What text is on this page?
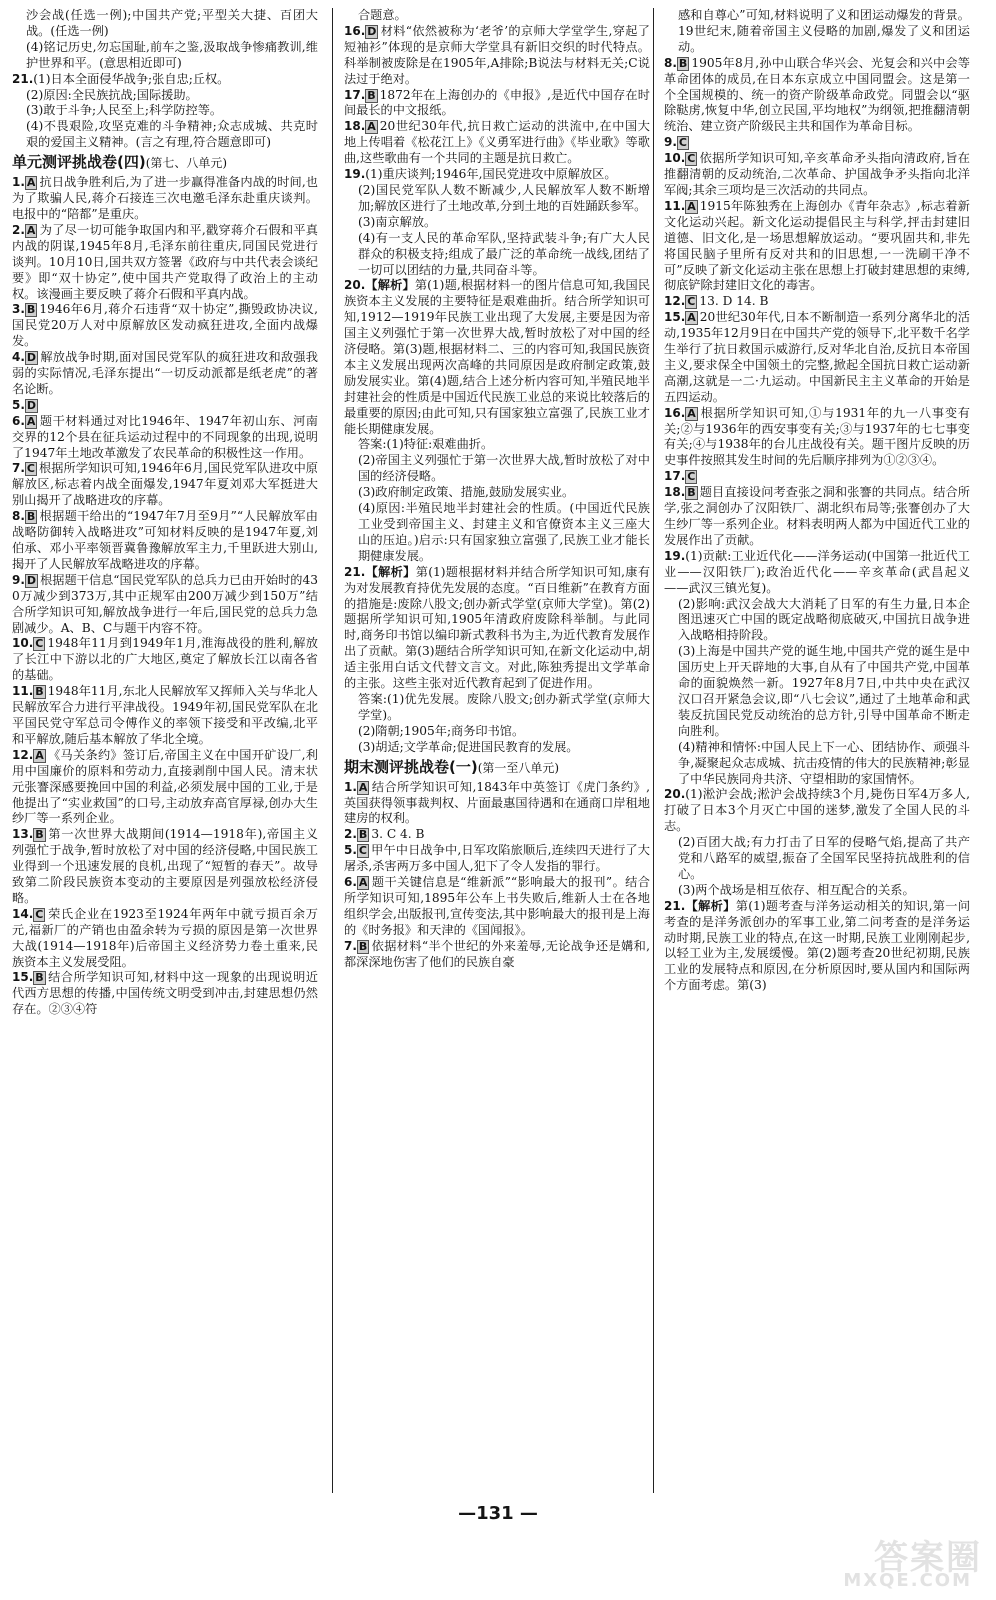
沙会战(任选一例);中国共产党;平型关大捷、百团大战。(任选一例)
(4)铭记历史,勿忘国耻,前车之鉴,汲取战争惨痛教训,维护世界和平。(意思相近即可)
21.(1)日本全面侵华战争;张自忠;丘权。
(2)原因:全民族抗战;国际援助。
(3)敢于斗争;人民至上;科学防控等。
(4)不畏艰险,攻坚克难的斗争精神;众志成城、共克时艰的爱国主义精神。(言之有理,符合题意即可)
单元测评挑战卷(四)(第七、八单元)
1. A 抗日战争胜利后,为了进一步赢得准备内战的时间,也为了欺骗人民,蒋介石接连三次电邀毛泽东赴重庆谈判。电报中的“陪都”是重庆。
2. A 为了尽一切可能争取国内和平,戳穿蒋介石假和平真内战的阴谋,1945年8月,毛泽东前往重庆,同国民党进行谈判。10月10日,国共双方签署《政府与中共代表会谈纪要》即“双十协定”,使中国共产党取得了政治上的主动权。该漫画主要反映了蒋介石假和平真内战。
3. B 1946年6月,蒋介石违背“双十协定”,撕毁政协决议,国民党20万人对中原解放区发动疯狂进攻,全面内战爆发。
4. D 解放战争时期,面对国民党军队的疯狂进攻和敌强我弱的实际情况,毛泽东提出“一切反动派都是纸老虎”的著名论断。
5. D
6. A 题干材料通过对比1946年、1947年初山东、河南交界的12个县在征兵运动过程中的不同现象的出现,说明了1947年土地改革激发了农民革命的积极性这一作用。
7. C 根据所学知识可知,1946年6月,国民党军队进攻中原解放区,标志着内战全面爆发,1947年夏刘邓大军挺进大别山揭开了战略进攻的序幕。
8. B 根据题干给出的“1947年7月至9月”“人民解放军由战略防御转入战略进攻”可知材料反映的是1947年夏,刘伯承、邓小平率领晋冀鲁豫解放军主力,千里跃进大别山,揭开了人民解放军战略进攻的序幕。
9. D 根据题干信息“国民党军队的总兵力已由开始时的430万减少到373万,其中正规军由200万减少到150万”结合所学知识可知,解放战争进行一年后,国民党的总兵力急剧减少。A、B、C与题干内容不符。
10. C 1948年11月到1949年1月,淮海战役的胜利,解放了长江中下游以北的广大地区,奠定了解放长江以南各省的基础。
11. B 1948年11月,东北人民解放军又挥师入关与华北人民解放军合力进行平津战役。1949年初,国民党军队在北平国民党守军总司令傅作义的率领下接受和平改编,北平和平解放,随后基本解放了华北全境。
12. A 《马关条约》签订后,帝国主义在中国开矿设厂,利用中国廉价的原料和劳动力,直接剥削中国人民。清末状元张謇深感要挽回中国的利益,必须发展中国的工业,于是他提出了“实业救国”的口号,主动放弃高官厚禄,创办大生纱厂等一系列企业。
13. B 第一次世界大战期间(1914—1918年),帝国主义列强忙于战争,暂时放松了对中国的经济侵略,中国民族工业得到一个迅速发展的良机,出现了“短暂的春天”。故导致第二阶段民族资本变动的主要原因是列强放松经济侵略。
14. C 荣氏企业在1923至1924年两年中就亏损百余万元,福新厂的产销也由盈余转为亏损的原因是第一次世界大战(1914—1918年)后帝国主义经济势力卷土重来,民族资本主义发展受阻。
15. B 结合所学知识可知,材料中这一现象的出现说明近代西方思想的传播,中国传统文明受到冲击,封建思想仍然存在。②③④符
合题意。
16. D 材料“依然被称为‘老爷’的京师大学堂学生,穿起了短袖衫”体现的是京师大学堂具有新旧交织的时代特点。科举制被废除是在1905年,A排除;B说法与材料无关;C说法过于绝对。
17. B 1872年在上海创办的《申报》,是近代中国存在时间最长的中文报纸。
18. A 20世纪30年代,抗日救亡运动的洪流中,在中国大地上传唱着《松花江上》《义勇军进行曲》《毕业歌》等歌曲,这些歌曲有一个共同的主题是抗日救亡。
19.(1)重庆谈判;1946年,国民党进攻中原解放区。
(2)国民党军队人数不断减少,人民解放军人数不断增加;解放区进行了土地改革,分到土地的百姓踊跃参军。
(3)南京解放。
(4)有一支人民的革命军队,坚持武装斗争;有广大人民群众的积极支持;组成了最广泛的革命统一战线,团结了一切可以团结的力量,共同奋斗等。
20.【解析】第(1)题,根据材料一的图片信息可知,我国民族资本主义发展的主要特征是艰难曲折。结合所学知识可知,1912—1919年民族工业出现了大发展,主要是因为帝国主义列强忙于第一次世界大战,暂时放松了对中国的经济侵略。第(3)题,根据材料二、三的内容可知,我国民族资本主义发展出现两次高峰的共同原因是政府制定政策,鼓励发展实业。第(4)题,结合上述分析内容可知,半殖民地半封建社会的性质是中国近代民族工业总的来说比较落后的最重要的原因;由此可知,只有国家独立富强了,民族工业才能长期健康发展。
答案:(1)特征:艰难曲折。
(2)帝国主义列强忙于第一次世界大战,暂时放松了对中国的经济侵略。
(3)政府制定政策、措施,鼓励发展实业。
(4)原因:半殖民地半封建社会的性质。(中国近代民族工业受到帝国主义、封建主义和官僚资本主义三座大山的压迫。)启示:只有国家独立富强了,民族工业才能长期健康发展。
21.【解析】第(1)题根据材料并结合所学知识可知,康有为对发展教育持优先发展的态度。“百日维新”在教育方面的措施是:废除八股文;创办新式学堂(京师大学堂)。第(2)题据所学知识可知,1905年清政府废除科举制。与此同时,商务印书馆以编印新式教科书为主,为近代教育发展作出了贡献。第(3)题结合所学知识可知,在新文化运动中,胡适主张用白话文代替文言文。对此,陈独秀提出文学革命的主张。这些主张对近代教育起到了促进作用。
答案:(1)优先发展。废除八股文;创办新式学堂(京师大学堂)。
(2)隋朝;1905年;商务印书馆。
(3)胡适;文学革命;促进国民教育的发展。
期末测评挑战卷(一)(第一至八单元)
1. A 结合所学知识可知,1843年中英签订《虎门条约》,英国获得领事裁判权、片面最惠国待遇和在通商口岸租地建房的权利。
2. B 3. C 4. B
5. C 甲午中日战争中,日军攻陷旅顺后,连续四天进行了大屠杀,杀害两万多中国人,犯下了令人发指的罪行。
6. A 题干关键信息是“维新派”“影响最大的报刊”。结合所学知识可知,1895年公车上书失败后,维新人士在各地组织学会,出版报刊,宣传变法,其中影响最大的报刊是上海的《时务报》和天津的《国闻报》。
7. B 依据材料“半个世纪的外来羞辱,无论战争还是媾和,都深深地伤害了他们的民族自豪
感和自尊心”可知,材料说明了义和团运动爆发的背景。19世纪末,随着帝国主义侵略的加剧,爆发了义和团运动。
8. B 1905年8月,孙中山联合华兴会、光复会和兴中会等革命团体的成员,在日本东京成立中国同盟会。这是第一个全国规模的、统一的资产阶级革命政党。同盟会以“驱除鞑虏,恢复中华,创立民国,平均地权”为纲领,把推翻清朝统治、建立资产阶级民主共和国作为革命目标。
9. C
10. C 依据所学知识可知,辛亥革命矛头指向清政府,旨在推翻清朝的反动统治,二次革命、护国战争矛头指向北洋军阀;其余三项均是三次活动的共同点。
11. A 1915年陈独秀在上海创办《青年杂志》,标志着新文化运动兴起。新文化运动提倡民主与科学,抨击封建旧道德、旧文化,是一场思想解放运动。“要巩固共和,非先将国民脑子里所有反对共和的旧思想,一一洗刷干净不可”反映了新文化运动主张在思想上打破封建思想的束缚,彻底铲除封建旧文化的毒害。
12. C 13. D 14. B
15. A 20世纪30年代,日本不断制造一系列分离华北的活动,1935年12月9日在中国共产党的领导下,北平数千名学生举行了抗日救国示威游行,反对华北自治,反抗日本帝国主义,要求保全中国领土的完整,掀起全国抗日救亡运动新高潮,这就是一二·九运动。中国新民主主义革命的开始是五四运动。
16. A 根据所学知识可知,①与1931年的九一八事变有关;②与1936年的西安事变有关;③与1937年的七七事变有关;④与1938年的台儿庄战役有关。题干图片反映的历史事件按照其发生时间的先后顺序排列为①②③④。
17. C
18. B 题目直接设问考查张之洞和张謇的共同点。结合所学,张之洞创办了汉阳铁厂、湖北织布局等;张謇创办了大生纱厂等一系列企业。材料表明两人都为中国近代工业的发展作出了贡献。
19.(1)贡献:工业近代化——洋务运动(中国第一批近代工业——汉阳铁厂);政治近代化——辛亥革命(武昌起义——武汉三镇光复)。
(2)影响:武汉会战大大消耗了日军的有生力量,日本企图迅速灭亡中国的既定战略彻底破灭,中国抗日战争进入战略相持阶段。
(3)上海是中国共产党的诞生地,中国共产党的诞生是中国历史上开天辟地的大事,自从有了中国共产党,中国革命的面貌焕然一新。1927年8月7日,中共中央在武汉汉口召开紧急会议,即“八七会议”,通过了土地革命和武装反抗国民党反动统治的总方针,引导中国革命不断走向胜利。
(4)精神和情怀:中国人民上下一心、团结协作、顽强斗争,凝聚起众志成城、抗击疫情的伟大的民族精神;彰显了中华民族同舟共济、守望相助的家国情怀。
20.(1)淞沪会战;淞沪会战持续3个月,毙伤日军4万多人,打破了日本3个月灭亡中国的迷梦,激发了全国人民的斗志。
(2)百团大战;有力打击了日军的侵略气焰,提高了共产党和八路军的威望,振奋了全国军民坚持抗战胜利的信心。
(3)两个战场是相互依存、相互配合的关系。
21.【解析】第(1)题考查与洋务运动相关的知识,第一问考查的是洋务派创办的军事工业,第二问考查的是洋务运动时期,民族工业的特点,在这一时期,民族工业刚刚起步,以轻工业为主,发展缓慢。第(2)题考查20世纪初期,民族工业的发展特点和原因,在分析原因时,要从国内和国际两个方面考虑。第(3)
—131 —
答案圈
MXQE.COM
